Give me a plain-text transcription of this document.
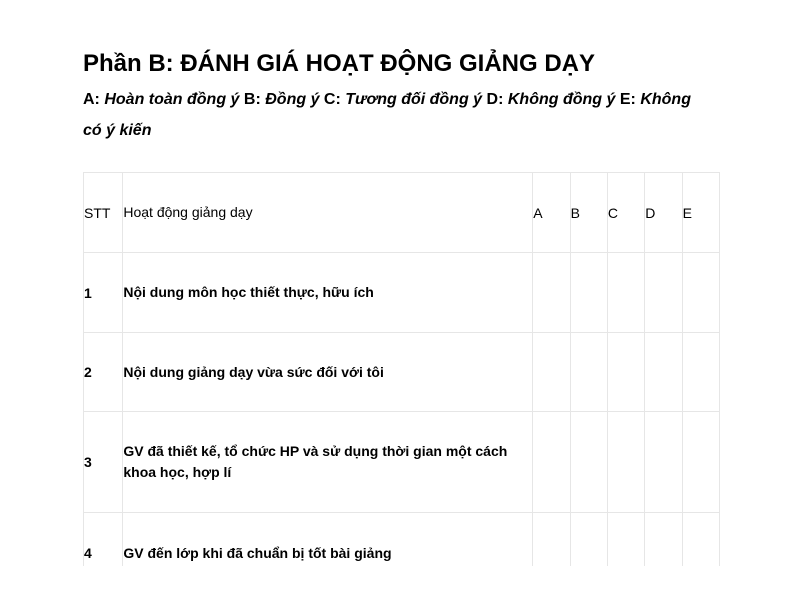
Phần B: ĐÁNH GIÁ HOẠT ĐỘNG GIẢNG DẠY
A: Hoàn toàn đồng ý B: Đồng ý C: Tương đối đồng ý D: Không đồng ý E: Không có ý kiến
STT	Hoạt động giảng dạy	A	B	C	D	E
1	Nội dung môn học thiết thực, hữu ích					
2	Nội dung giảng dạy vừa sức đối với tôi					
3	GV đã thiết kế, tổ chức HP và sử dụng thời gian một cách khoa học, hợp lí					
4	GV đến lớp khi đã chuẩn bị tốt bài giảng					
